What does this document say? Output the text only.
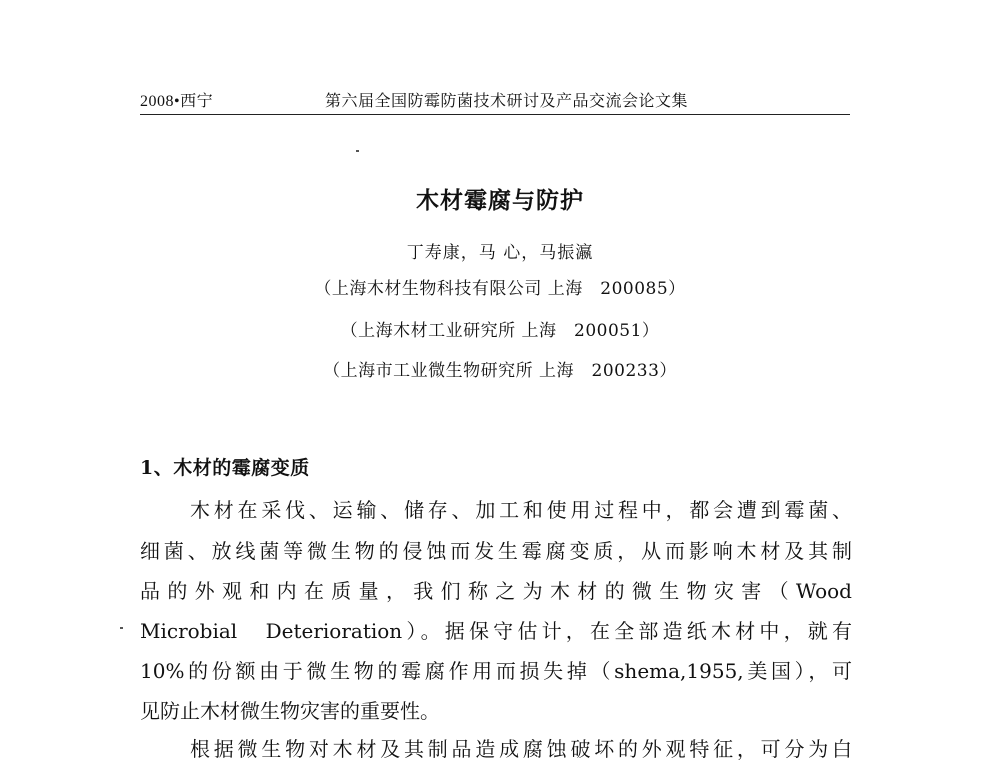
2008•西宁	第六届全国防霉防菌技术研讨及产品交流会论文集
木材霉腐与防护
丁寿康，马 心，马振瀛
（上海木材生物科技有限公司 上海　200085）
（上海木材工业研究所 上海　200051）
（上海市工业微生物研究所 上海　200233）
1、木材的霉腐变质
木材在采伐、运输、储存、加工和使用过程中，都会遭到霉菌、
细菌、放线菌等微生物的侵蚀而发生霉腐变质，从而影响木材及其制
品的外观和内在质量，我们称之为木材的微生物灾害（Wood
Microbial　Deterioration）。据保守估计，在全部造纸木材中，就有
10%的份额由于微生物的霉腐作用而损失掉（shema,1955,美国），可
见防止木材微生物灾害的重要性。
根据微生物对木材及其制品造成腐蚀破坏的外观特征，可分为白
